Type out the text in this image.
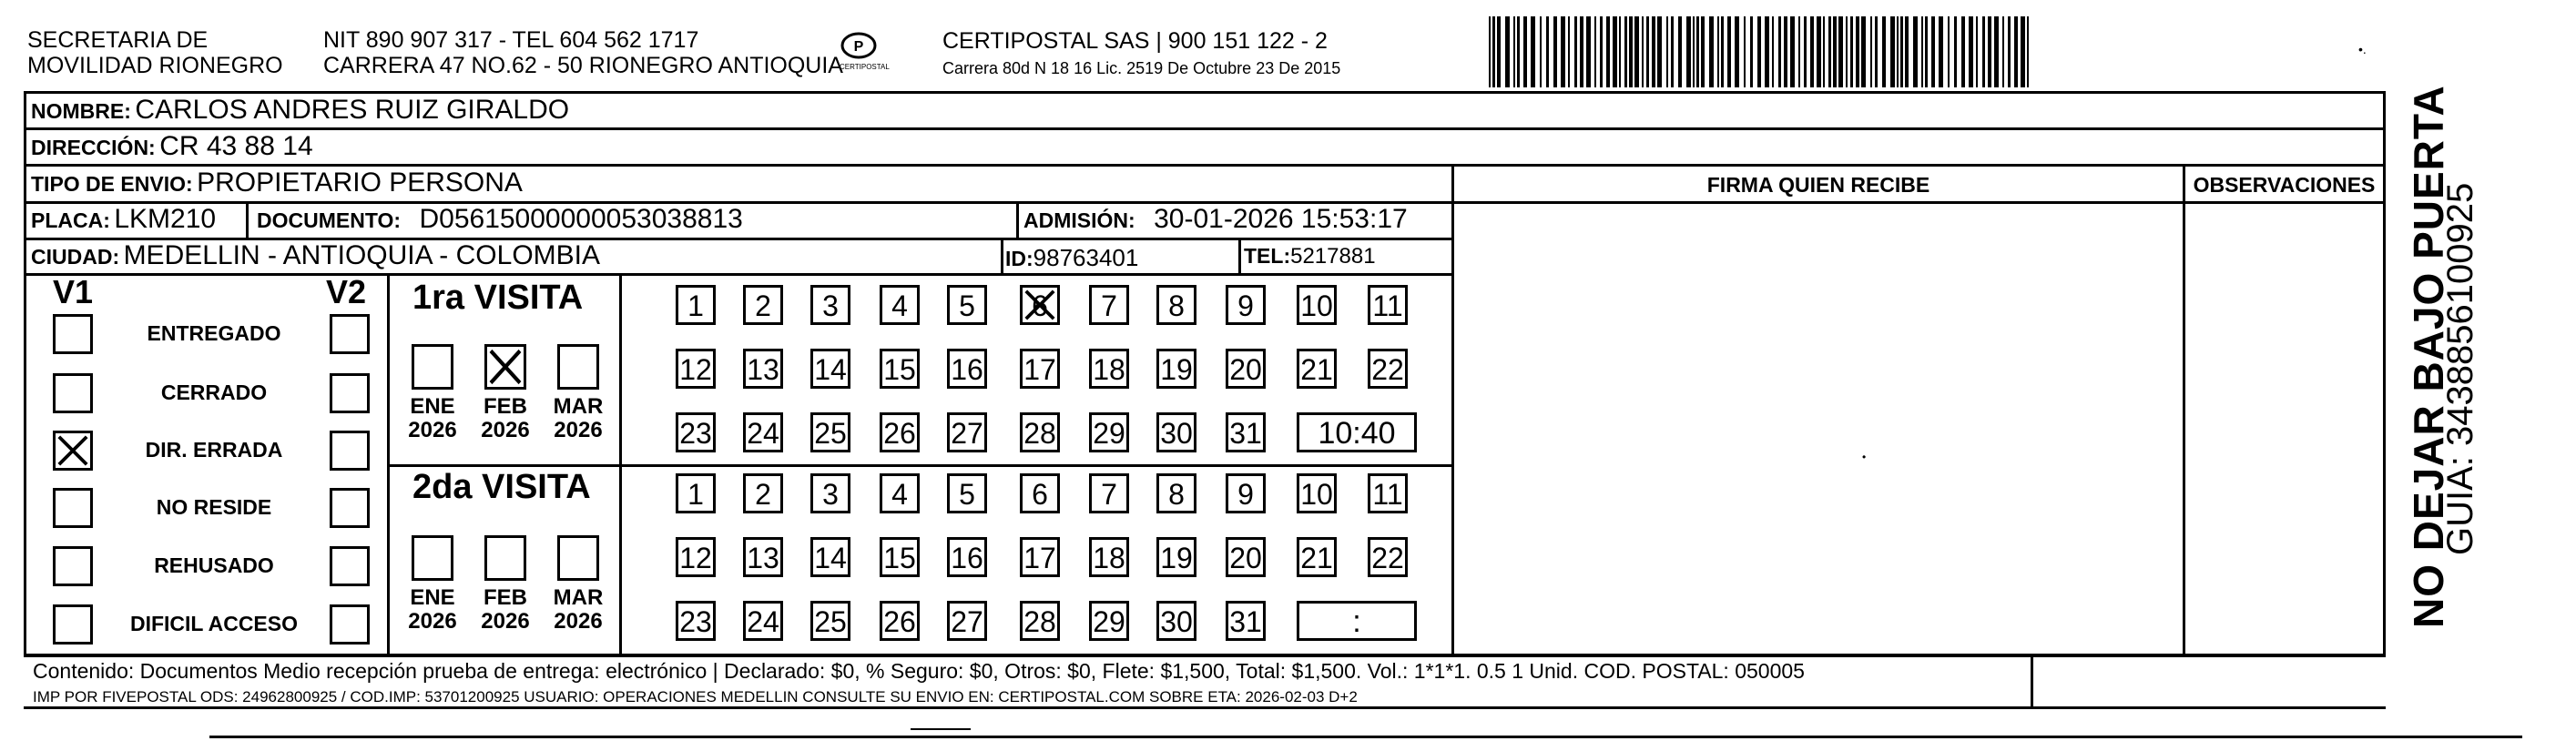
SECRETARIA DE
MOVILIDAD RIONEGRO
NIT 890 907 317 - TEL 604 562 1717
CARRERA 47 NO.62 - 50 RIONEGRO ANTIOQUIA
P
CERTIPOSTAL
CERTIPOSTAL SAS | 900 151 122 - 2
Carrera 80d N 18 16 Lic. 2519 De Octubre 23 De 2015
•.
NOMBRE: CARLOS ANDRES RUIZ GIRALDO
DIRECCIÓN: CR 43 88 14
TIPO DE ENVIO: PROPIETARIO PERSONA
PLACA: LKM210 DOCUMENTO: D05615000000053038813	ADMISIÓN: 30-01-2026 15:53:17
CIUDAD: MEDELLIN - ANTIOQUIA - COLOMBIA	ID:98763401	TEL:5217881
FIRMA QUIEN RECIBE	OBSERVACIONES
•
V1	V2
ENTREGADO
CERRADO
DIR. ERRADA
NO RESIDE
REHUSADO
DIFICIL ACCESO
1ra VISITA
2da VISITA
ENE
2026
FEB
2026
MAR
2026
ENE
2026
FEB
2026
MAR
2026
1	2	3	4	5	6	7	8	9	10 11
12 13 14 15 16 17 18 19 20 21 22
23 24 25 26 27 28 29 30 31	10:40
1	2	3	4	5	6	7	8	9	10 11
12 13 14 15 16 17 18 19 20 21 22
23 24 25 26 27 28 29 30 31	:
Contenido: Documentos Medio recepción prueba de entrega: electrónico | Declarado: $0, % Seguro: $0, Otros: $0, Flete: $1,500, Total: $1,500. Vol.: 1*1*1. 0.5 1 Unid. COD. POSTAL: 050005
IMP POR FIVEPOSTAL ODS: 24962800925 / COD.IMP: 53701200925 USUARIO: OPERACIONES MEDELLIN CONSULTE SU ENVIO EN: CERTIPOSTAL.COM SOBRE ETA: 2026-02-03 D+2
NO DEJAR BAJO PUERTA
GUIA: 3438856100925
